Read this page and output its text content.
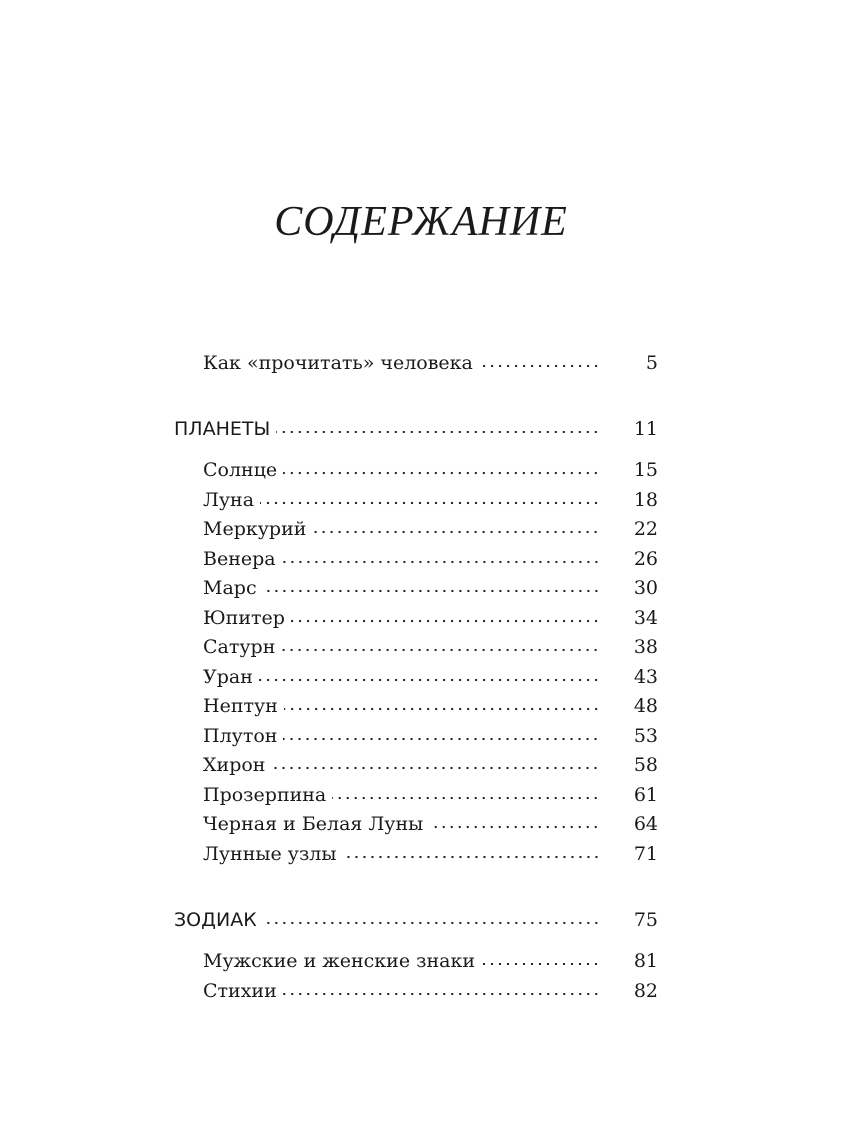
СОДЕРЖАНИЕ
Как «прочитать» человека	5
ПЛАНЕТЫ	11
Солнце	15
Луна	18
Меркурий	22
Венера	26
Марс	30
Юпитер	34
Сатурн	38
Уран	43
Нептун	48
Плутон	53
Хирон	58
Прозерпина	61
Черная и Белая Луны	64
Лунные узлы	71
ЗОДИАК	75
Мужские и женские знаки	81
Стихии	82
